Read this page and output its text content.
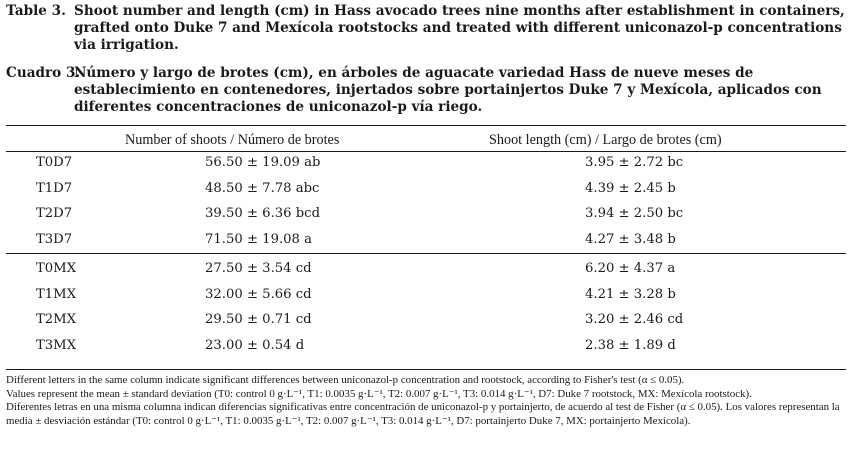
Table 3. Shoot number and length (cm) in Hass avocado trees nine months after establishment in containers, grafted onto Duke 7 and Mexícola rootstocks and treated with different uniconazol-p concentrations via irrigation.
Cuadro 3.Número y largo de brotes (cm), en árboles de aguacate variedad Hass de nueve meses de establecimiento en contenedores, injertados sobre portainjertos Duke 7 y Mexícola, aplicados con diferentes concentraciones de uniconazol-p vía riego.
Number of shoots / Número de brotes	Shoot length (cm) / Largo de brotes (cm)
T0D7	56.50 ± 19.09 ab	3.95 ± 2.72 bc
T1D7	48.50 ± 7.78 abc	4.39 ± 2.45 b
T2D7	39.50 ± 6.36 bcd	3.94 ± 2.50 bc
T3D7	71.50 ± 19.08 a	4.27 ± 3.48 b
T0MX	27.50 ± 3.54 cd	6.20 ± 4.37 a
T1MX	32.00 ± 5.66 cd	4.21 ± 3.28 b
T2MX	29.50 ± 0.71 cd	3.20 ± 2.46 cd
T3MX	23.00 ± 0.54 d	2.38 ± 1.89 d
Different letters in the same column indicate significant differences between uniconazol-p concentration and rootstock, according to Fisher's test (α ≤ 0.05).
Values represent the mean ± standard deviation (T0: control 0 g·L⁻¹, T1: 0.0035 g·L⁻¹, T2: 0.007 g·L⁻¹, T3: 0.014 g·L⁻¹, D7: Duke 7 rootstock, MX: Mexícola rootstock).
Diferentes letras en una misma columna indican diferencias significativas entre concentración de uniconazol-p y portainjerto, de acuerdo al test de Fisher (α ≤ 0.05). Los valores representan la media ± desviación estándar (T0: control 0 g·L⁻¹, T1: 0.0035 g·L⁻¹, T2: 0.007 g·L⁻¹, T3: 0.014 g·L⁻¹, D7: portainjerto Duke 7, MX: portainjerto Mexícola).
